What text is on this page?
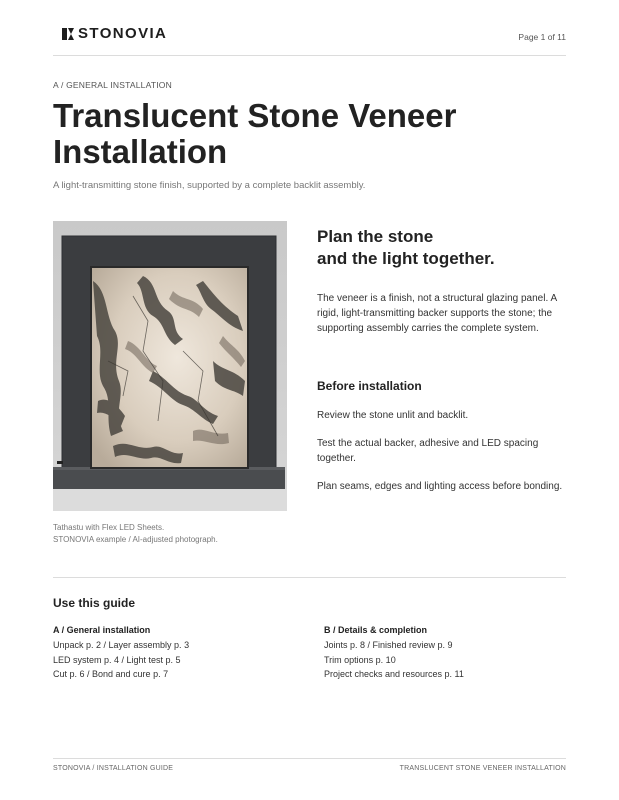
STONOVIA	Page 1 of 11
A / GENERAL INSTALLATION
Translucent Stone Veneer
Installation
A light-transmitting stone finish, supported by a complete backlit assembly.
Tathastu with Flex LED Sheets.
STONOVIA example / AI-adjusted photograph.
Plan the stone
and the light together.
The veneer is a finish, not a structural glazing panel. A rigid, light-transmitting backer supports the stone; the supporting assembly carries the complete system.
Before installation
Review the stone unlit and backlit.
Test the actual backer, adhesive and LED spacing together.
Plan seams, edges and lighting access before bonding.
Use this guide
A / General installation
Unpack p. 2 / Layer assembly p. 3
LED system p. 4 / Light test p. 5
Cut p. 6 / Bond and cure p. 7
B / Details & completion
Joints p. 8 / Finished review p. 9
Trim options p. 10
Project checks and resources p. 11
STONOVIA / INSTALLATION GUIDE	TRANSLUCENT STONE VENEER INSTALLATION
